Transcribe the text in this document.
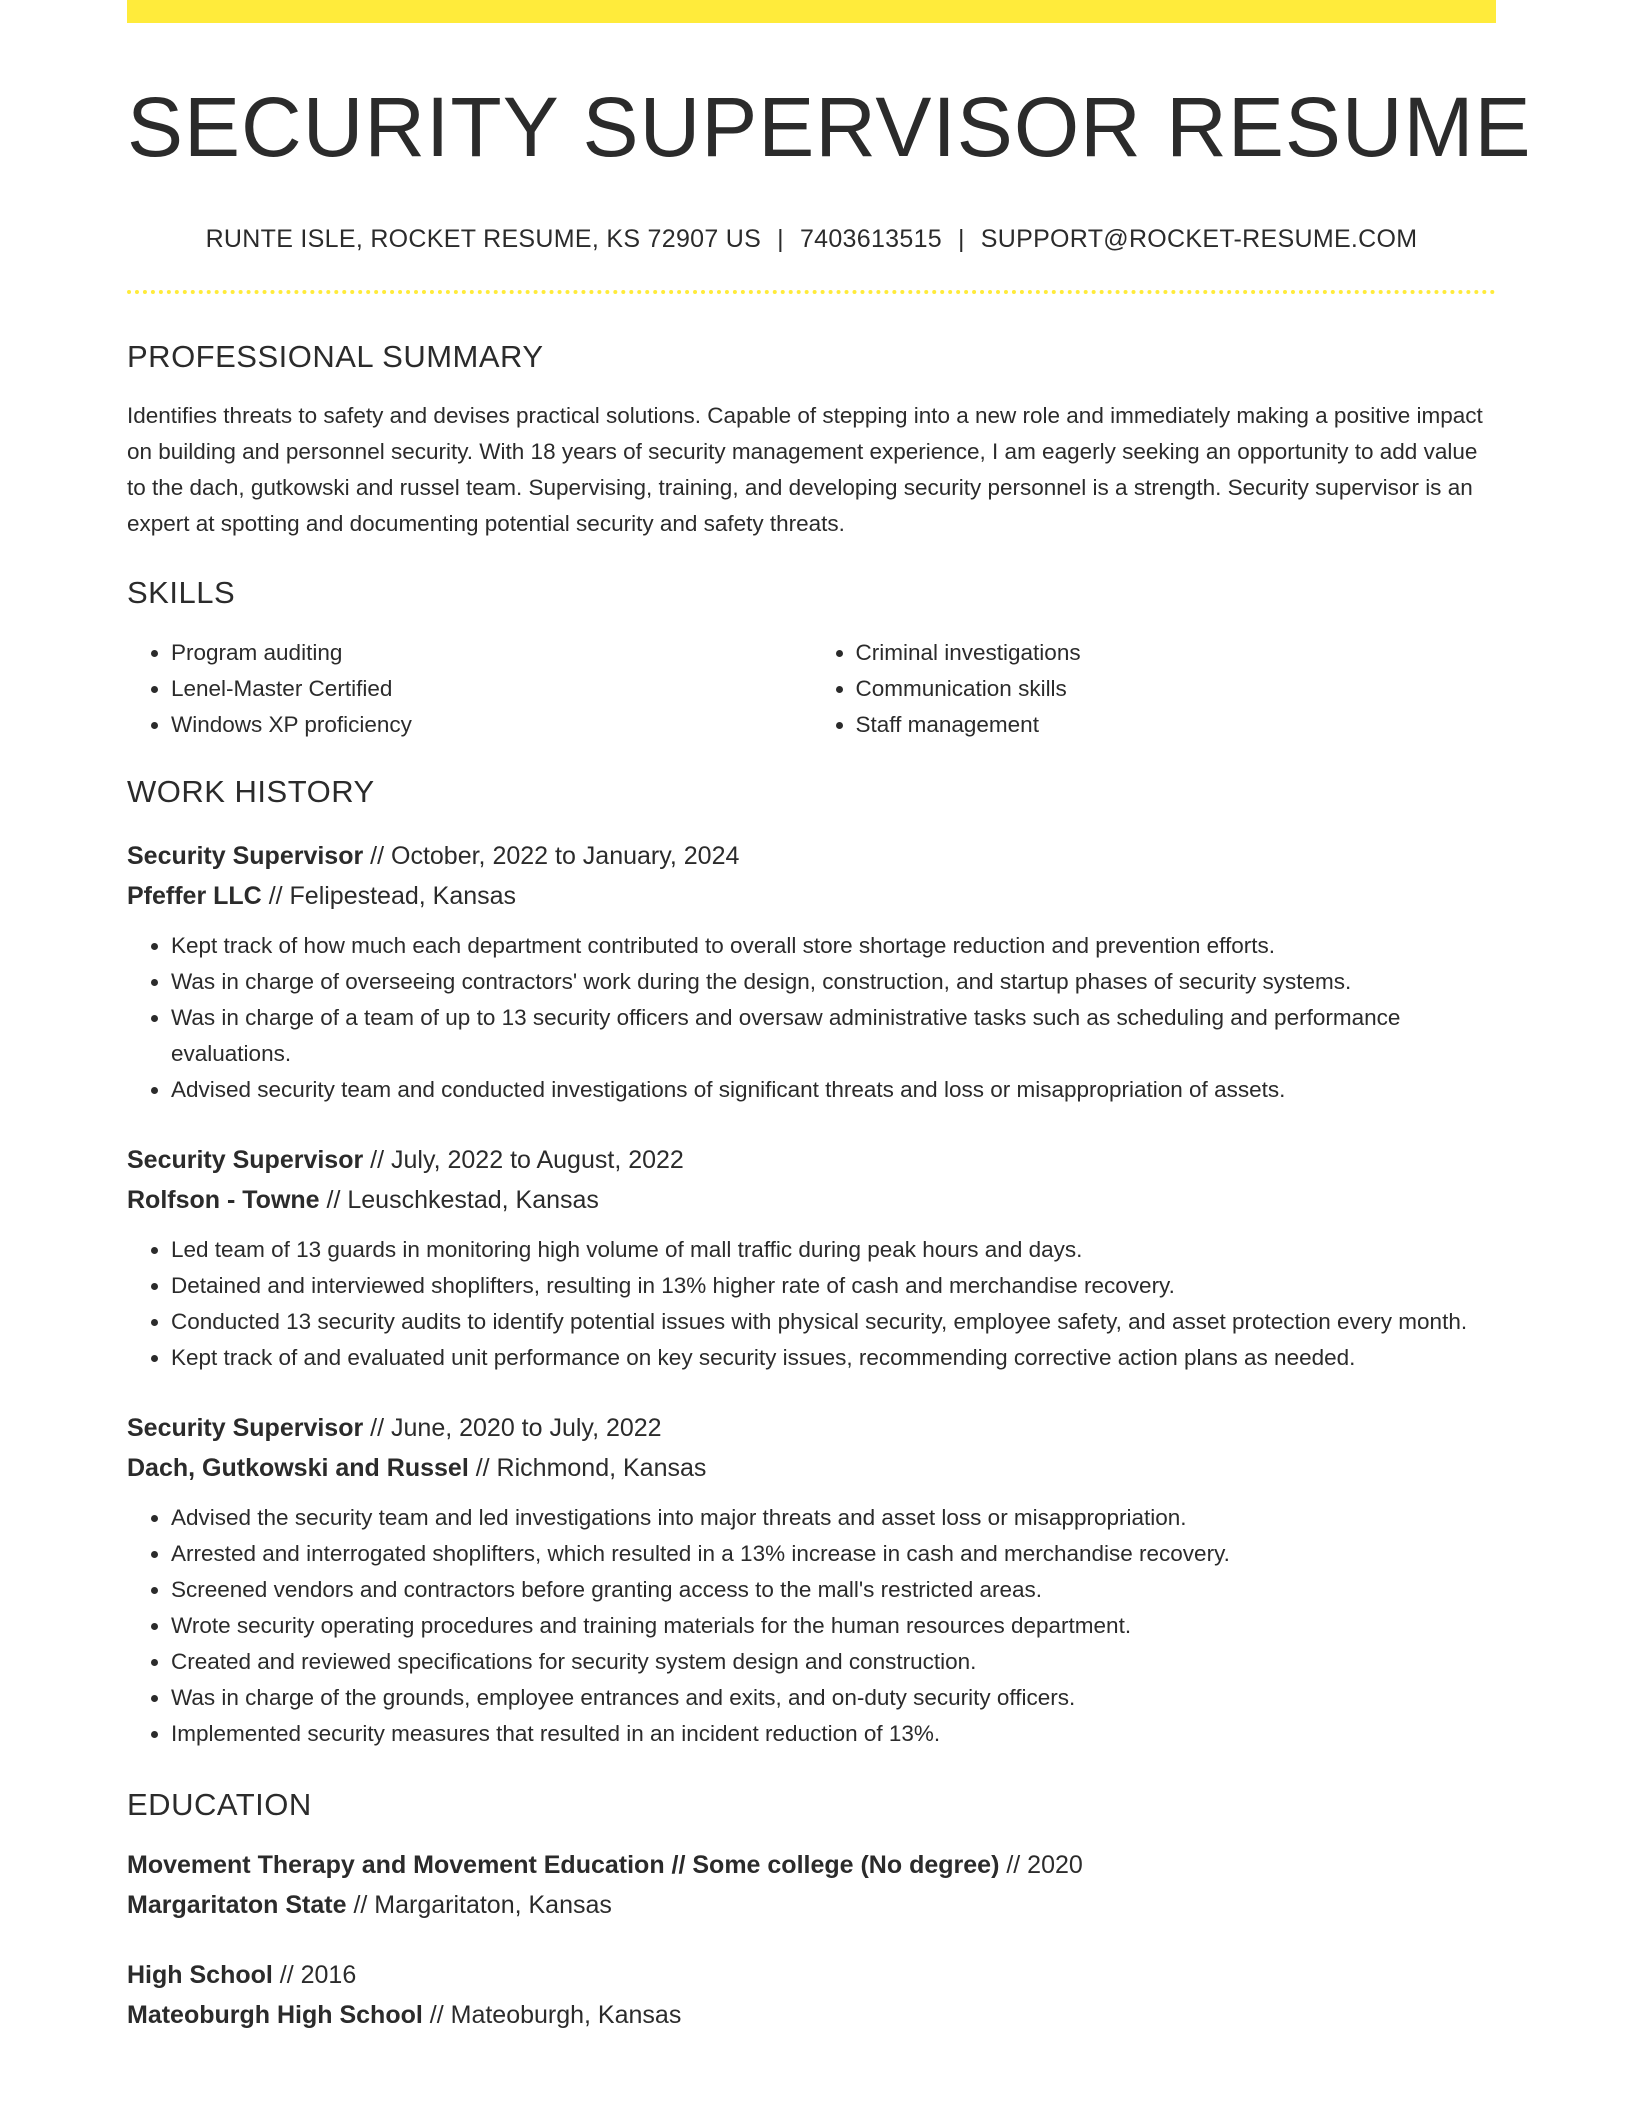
SECURITY SUPERVISOR RESUME
RUNTE ISLE, ROCKET RESUME, KS 72907 US | 7403613515 | SUPPORT@ROCKET-RESUME.COM
PROFESSIONAL SUMMARY

Identifies threats to safety and devises practical solutions. Capable of stepping into a new role and immediately making a positive impact on building and personnel security. With 18 years of security management experience, I am eagerly seeking an opportunity to add value to the dach, gutkowski and russel team. Supervising, training, and developing security personnel is a strength. Security supervisor is an expert at spotting and documenting potential security and safety threats.

SKILLS
• Program auditing
• Lenel-Master Certified
• Windows XP proficiency
• Criminal investigations
• Communication skills
• Staff management
WORK HISTORY
Security Supervisor // October, 2022 to January, 2024
Pfeffer LLC // Felipestead, Kansas
• Kept track of how much each department contributed to overall store shortage reduction and prevention efforts.
• Was in charge of overseeing contractors' work during the design, construction, and startup phases of security systems.
• Was in charge of a team of up to 13 security officers and oversaw administrative tasks such as scheduling and performance evaluations.
• Advised security team and conducted investigations of significant threats and loss or misappropriation of assets.
Security Supervisor // July, 2022 to August, 2022
Rolfson - Towne // Leuschkestad, Kansas
• Led team of 13 guards in monitoring high volume of mall traffic during peak hours and days.
• Detained and interviewed shoplifters, resulting in 13% higher rate of cash and merchandise recovery.
• Conducted 13 security audits to identify potential issues with physical security, employee safety, and asset protection every month.
• Kept track of and evaluated unit performance on key security issues, recommending corrective action plans as needed.
Security Supervisor // June, 2020 to July, 2022
Dach, Gutkowski and Russel // Richmond, Kansas
• Advised the security team and led investigations into major threats and asset loss or misappropriation.
• Arrested and interrogated shoplifters, which resulted in a 13% increase in cash and merchandise recovery.
• Screened vendors and contractors before granting access to the mall's restricted areas.
• Wrote security operating procedures and training materials for the human resources department.
• Created and reviewed specifications for security system design and construction.
• Was in charge of the grounds, employee entrances and exits, and on-duty security officers.
• Implemented security measures that resulted in an incident reduction of 13%.
EDUCATION
Movement Therapy and Movement Education // Some college (No degree) // 2020
Margaritaton State // Margaritaton, Kansas
High School // 2016
Mateoburgh High School // Mateoburgh, Kansas
